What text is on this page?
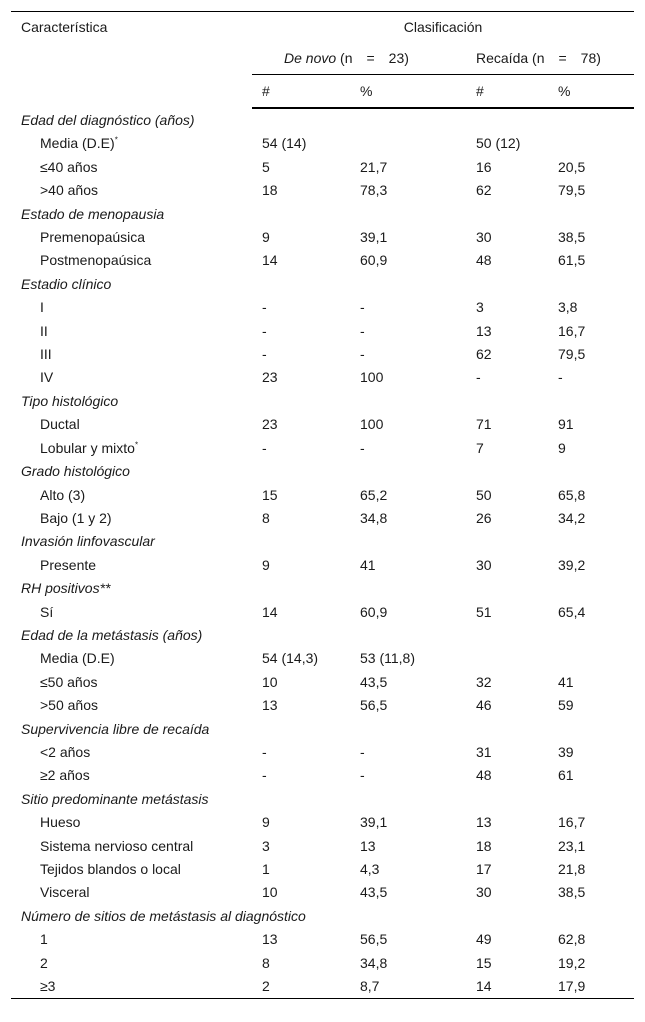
Característica	Clasificación			
	De novo (n  =  23)		Recaída (n  =  78)	
	#	%	#	%
Edad del diagnóstico (años)				
Media (D.E)*	54 (14)		50 (12)	
≤40 años	5	21,7	16	20,5
>40 años	18	78,3	62	79,5
Estado de menopausia				
Premenopaúsica	9	39,1	30	38,5
Postmenopaúsica	14	60,9	48	61,5
Estadio clínico				
I	-	-	3	3,8
II	-	-	13	16,7
III	-	-	62	79,5
IV	23	100	-	-
Tipo histológico				
Ductal	23	100	71	91
Lobular y mixto*	-	-	7	9
Grado histológico				
Alto (3)	15	65,2	50	65,8
Bajo (1 y 2)	8	34,8	26	34,2
Invasión linfovascular				
Presente	9	41	30	39,2
RH positivos**				
Sí	14	60,9	51	65,4
Edad de la metástasis (años)				
Media (D.E)	54 (14,3)	53 (11,8)		
≤50 años	10	43,5	32	41
>50 años	13	56,5	46	59
Supervivencia libre de recaída				
<2 años	-	-	31	39
≥2 años	-	-	48	61
Sitio predominante metástasis				
Hueso	9	39,1	13	16,7
Sistema nervioso central	3	13	18	23,1
Tejidos blandos o local	1	4,3	17	21,8
Visceral	10	43,5	30	38,5
Número de sitios de metástasis al diagnóstico				
1	13	56,5	49	62,8
2	8	34,8	15	19,2
≥3	2	8,7	14	17,9
